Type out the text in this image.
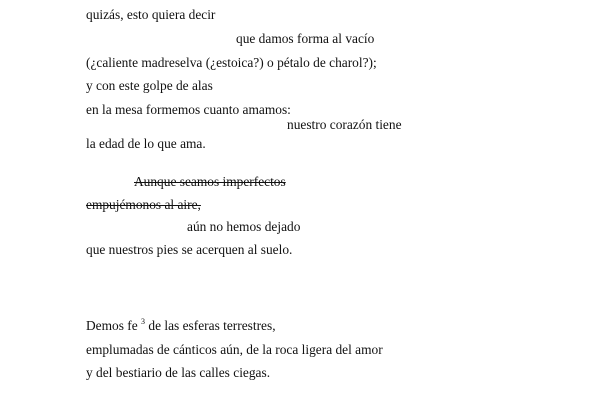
quizás, esto quiera decir
que damos forma al vacío
(¿caliente madreselva (¿estoica?) o pétalo de charol?);
y con este golpe de alas
en la mesa formemos cuanto amamos:
nuestro corazón tiene
la edad de lo que ama.
Aunque seamos imperfectos
empujémonos al aire,
aún no hemos dejado
que nuestros pies se acerquen al suelo.
Demos fe $^3$ de las esferas terrestres,
emplumadas de cánticos aún, de la roca ligera del amor
y del bestiario de las calles ciegas.
